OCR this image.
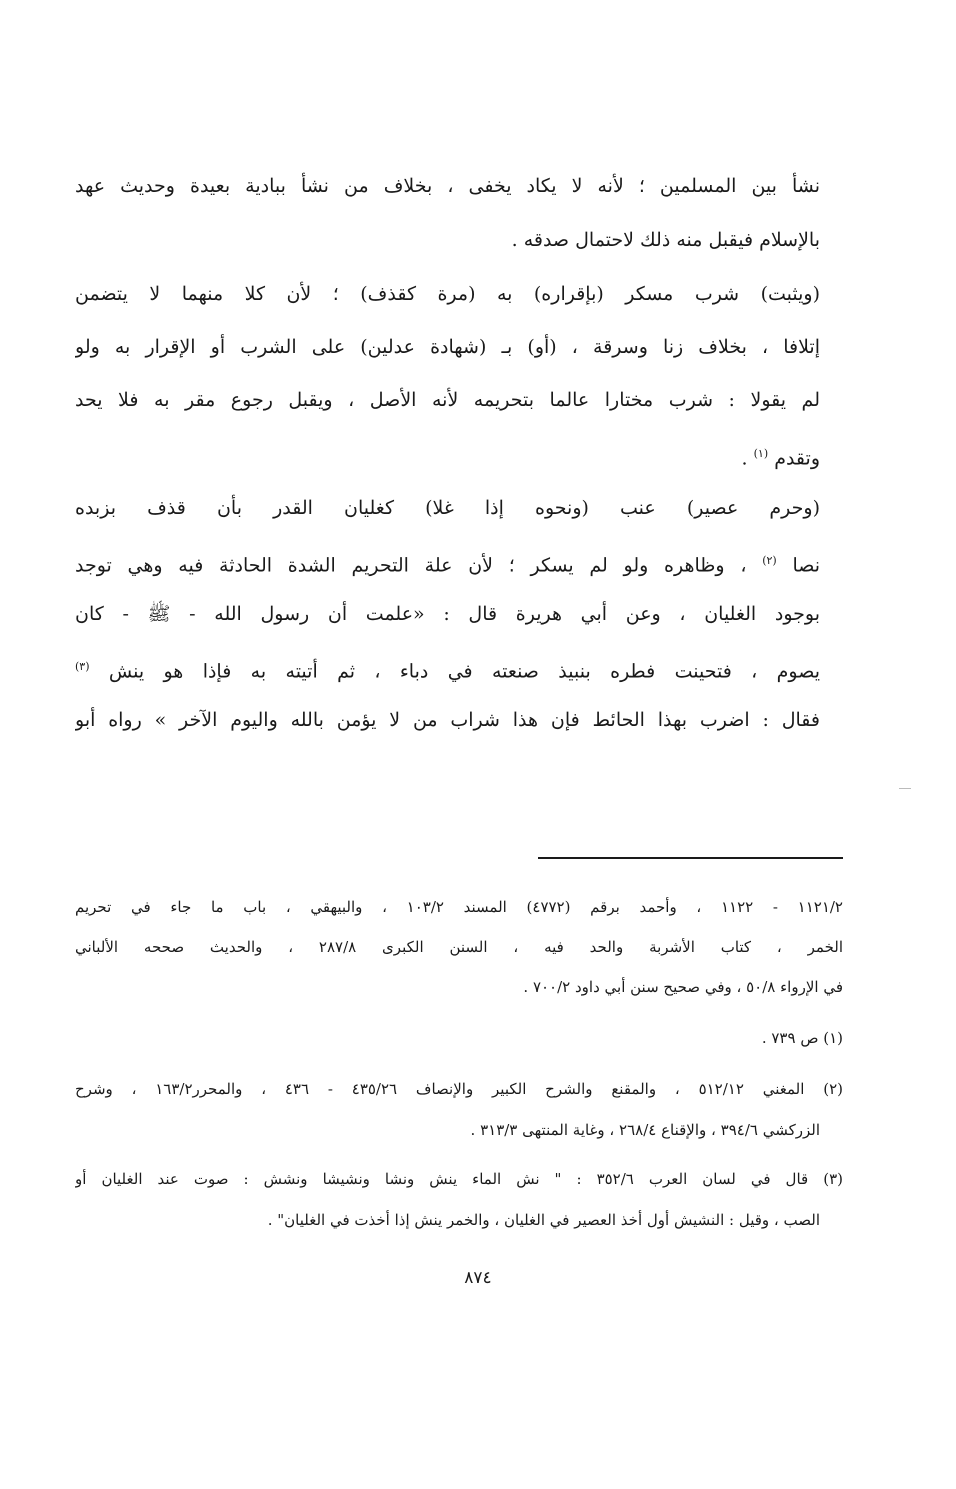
نشأ بين المسلمين ؛ لأنه لا يكاد يخفى ، بخلاف من نشأ ببادية بعيدة وحديث عهد
بالإسلام فيقبل منه ذلك لاحتمال صدقه .
(ويثبت) شرب مسكر (بإقراره) به (مرة كقذف) ؛ لأن كلا منهما لا يتضمن
إتلافا ، بخلاف زنا وسرقة ، (أو) بـ (شهادة عدلين) على الشرب أو الإقرار به ولو
لم يقولا : شرب مختارا عالما بتحريمه لأنه الأصل ، ويقبل رجوع مقر به فلا يحد
وتقدم $^{(١)}$ .
(وحرم عصير) عنب (ونحوه إذا غلا) كغليان القدر بأن قذف بزبده
نصا $^{(٢)}$ ، وظاهره ولو لم يسكر ؛ لأن علة التحريم الشدة الحادثة فيه وهي توجد
بوجود الغليان ، وعن أبي هريرة قال : «علمت أن رسول الله - ﷺ - كان
يصوم ، فتحينت فطره بنبيذ صنعته في دباء ، ثم أتيته به فإذا هو ينش $^{(٣)}$
فقال : اضرب بهذا الحائط فإن هذا شراب من لا يؤمن بالله واليوم الآخر » رواه أبو
١١٢١/٢ - ١١٢٢ ، وأحمد برقم (٤٧٧٢) المسند ١٠٣/٢ ، والبيهقي ، باب ما جاء في تحريم
الخمر ، كتاب الأشربة والحد فيه ، السنن الكبرى ٢٨٧/٨ ، والحديث صححه الألباني
في الإرواء ٥٠/٨ ، وفي صحيح سنن أبي داود ٧٠٠/٢ .
(١) ص ٧٣٩ .
(٢) المغني ٥١٢/١٢ ، والمقنع والشرح الكبير والإنصاف ٤٣٥/٢٦ - ٤٣٦ ، والمحرر١٦٣/٢ ، وشرح
الزركشي ٣٩٤/٦ ، والإقناع ٢٦٨/٤ ، وغاية المنتهى ٣١٣/٣ .
(٣) قال في لسان العرب ٣٥٢/٦ : " نش الماء ينش ونشا ونشيشا ونشش : صوت عند الغليان أو
الصب ، وقيل : النشيش أول أخذ العصير في الغليان ، والخمر ينش إذا أخذت في الغليان" .
٨٧٤
